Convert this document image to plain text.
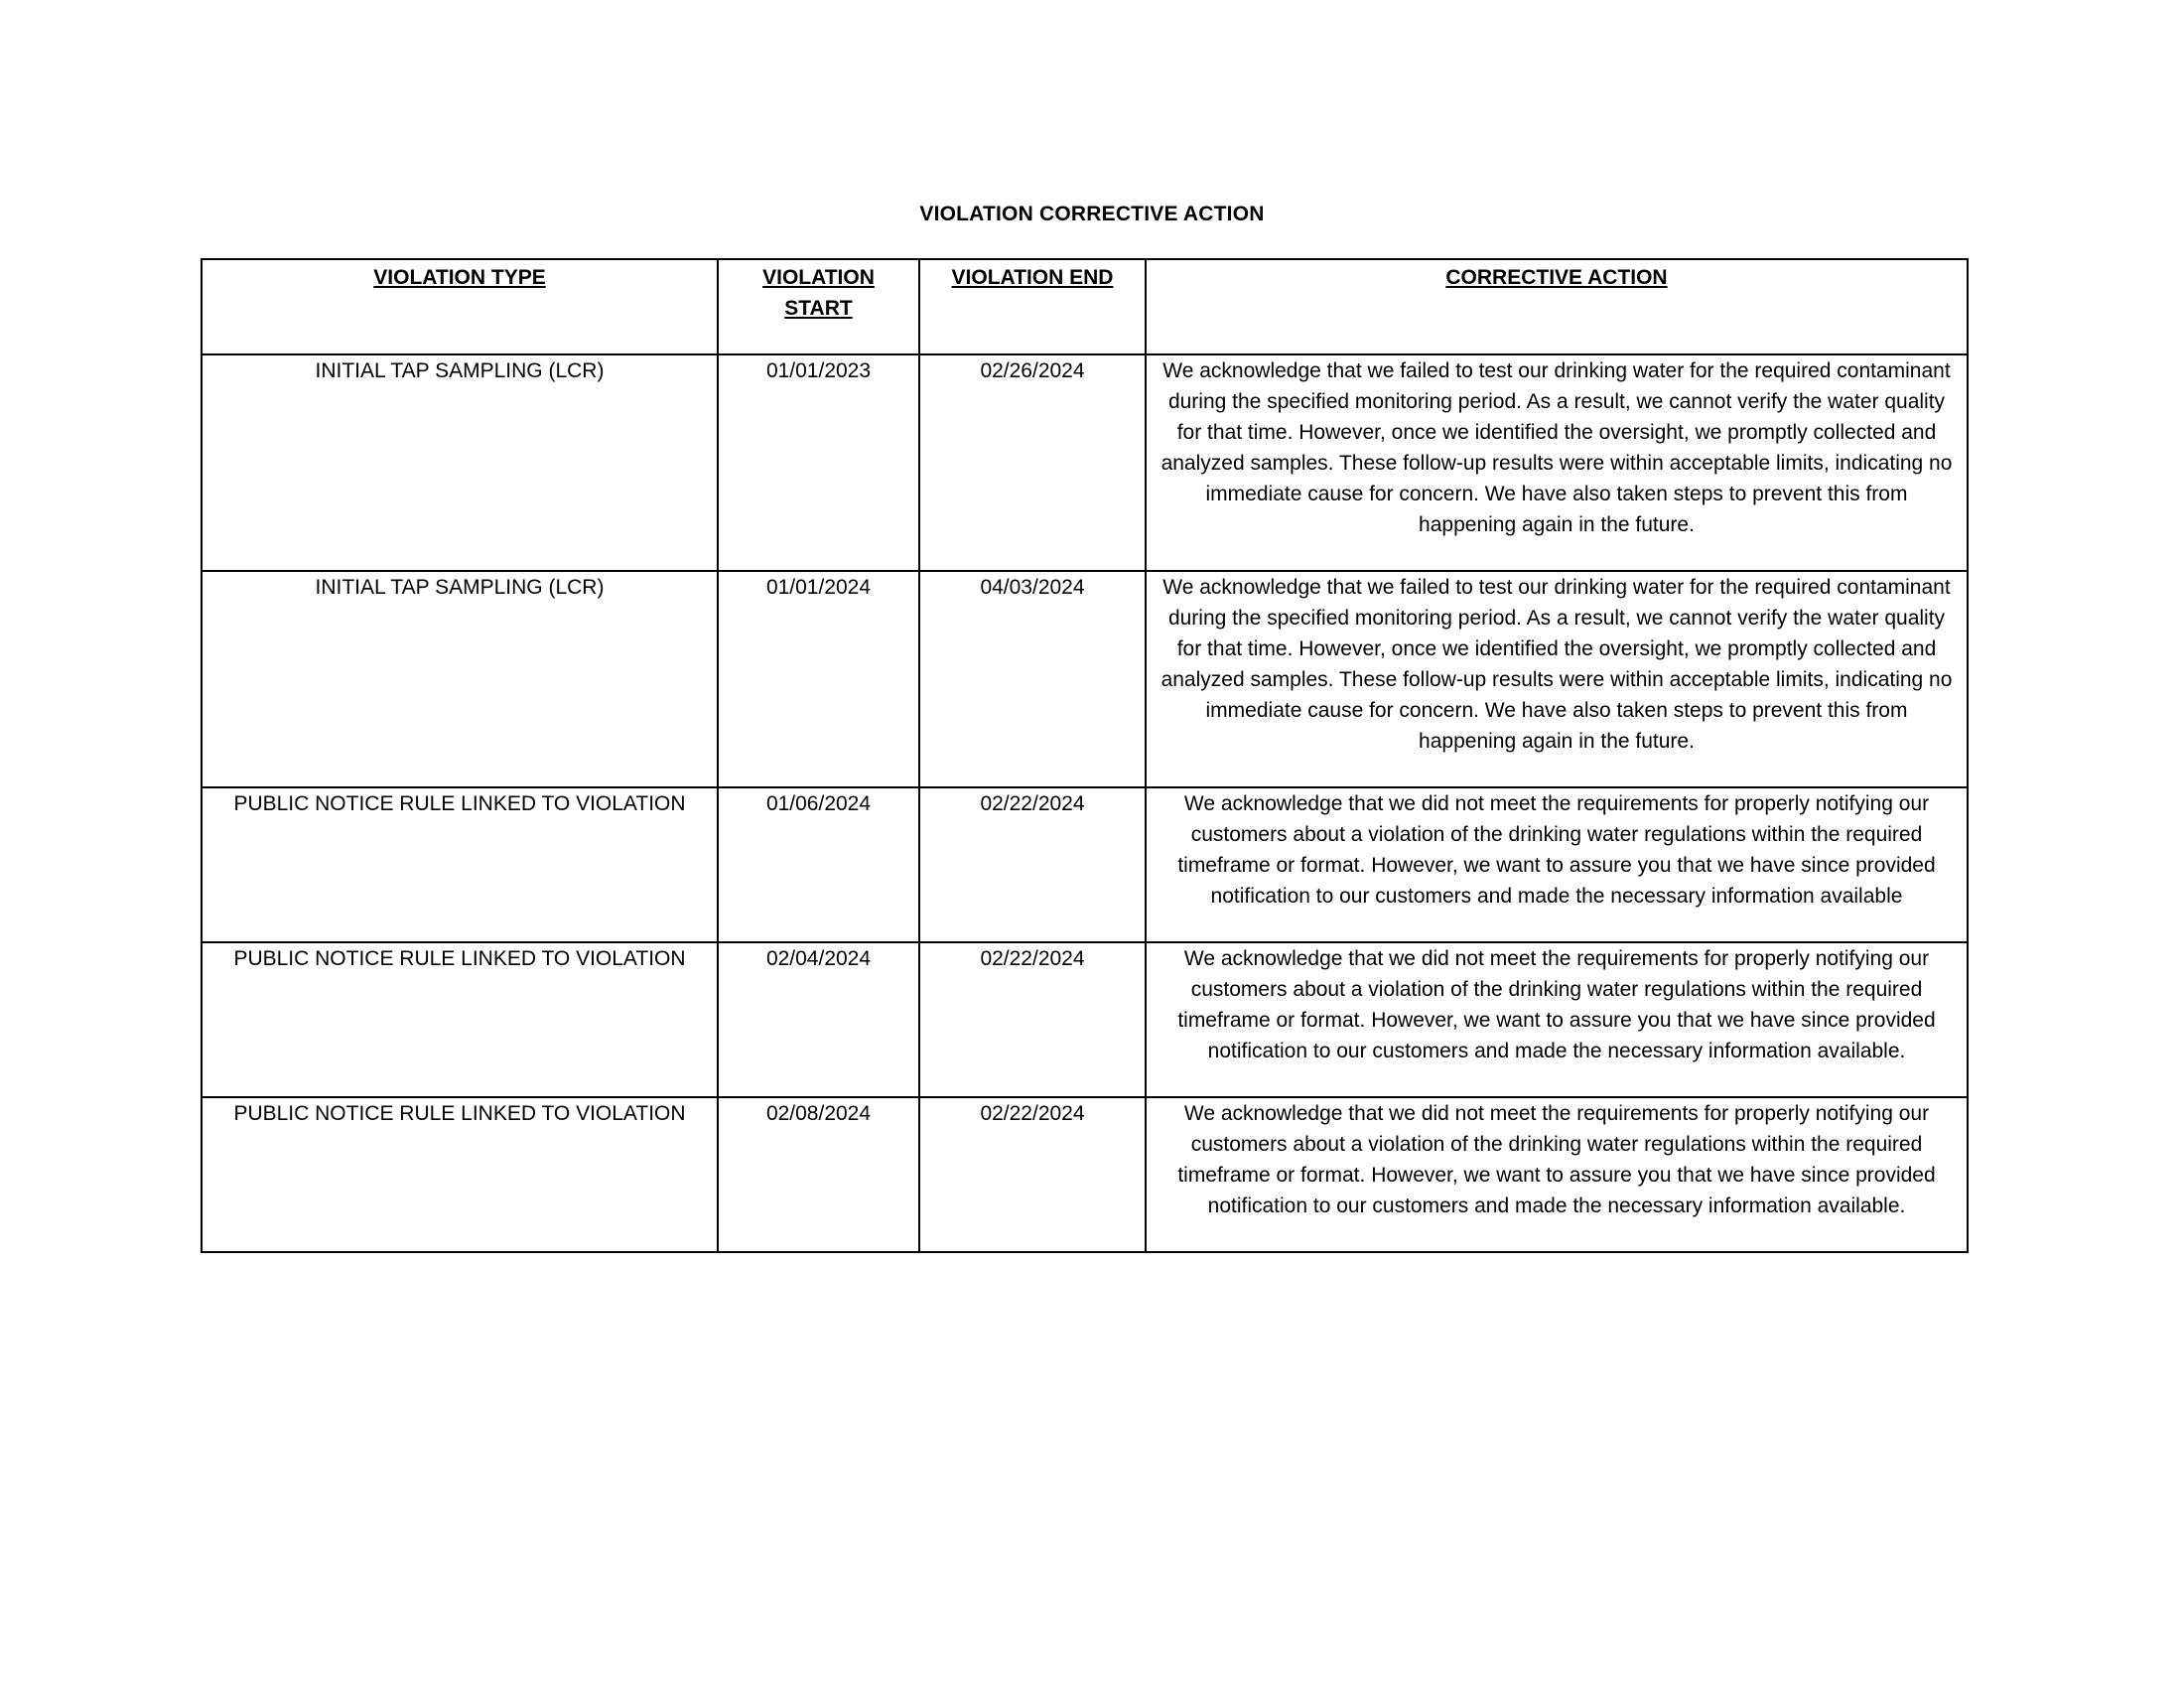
VIOLATION CORRECTIVE ACTION
VIOLATION TYPE	VIOLATION START	VIOLATION END	CORRECTIVE ACTION
INITIAL TAP SAMPLING (LCR)	01/01/2023	02/26/2024	We acknowledge that we failed to test our drinking water for the required contaminant during the specified monitoring period. As a result, we cannot verify the water quality for that time. However, once we identified the oversight, we promptly collected and analyzed samples. These follow-up results were within acceptable limits, indicating no immediate cause for concern. We have also taken steps to prevent this from happening again in the future.
INITIAL TAP SAMPLING (LCR)	01/01/2024	04/03/2024	We acknowledge that we failed to test our drinking water for the required contaminant during the specified monitoring period. As a result, we cannot verify the water quality for that time. However, once we identified the oversight, we promptly collected and analyzed samples. These follow-up results were within acceptable limits, indicating no immediate cause for concern. We have also taken steps to prevent this from happening again in the future.
PUBLIC NOTICE RULE LINKED TO VIOLATION	01/06/2024	02/22/2024	We acknowledge that we did not meet the requirements for properly notifying our customers about a violation of the drinking water regulations within the required timeframe or format. However, we want to assure you that we have since provided notification to our customers and made the necessary information available
PUBLIC NOTICE RULE LINKED TO VIOLATION	02/04/2024	02/22/2024	We acknowledge that we did not meet the requirements for properly notifying our customers about a violation of the drinking water regulations within the required timeframe or format. However, we want to assure you that we have since provided notification to our customers and made the necessary information available.
PUBLIC NOTICE RULE LINKED TO VIOLATION	02/08/2024	02/22/2024	We acknowledge that we did not meet the requirements for properly notifying our customers about a violation of the drinking water regulations within the required timeframe or format. However, we want to assure you that we have since provided notification to our customers and made the necessary information available.
